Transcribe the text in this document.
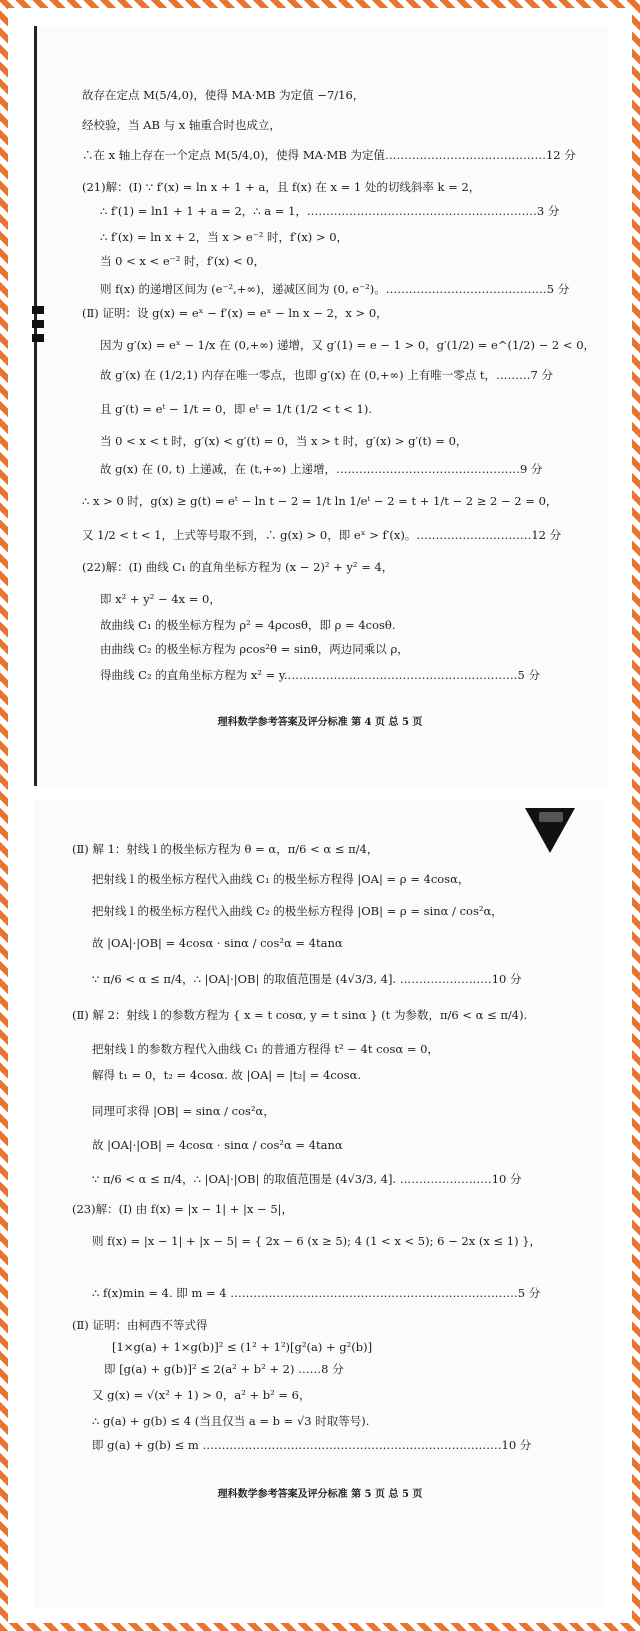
故存在定点 M(5/4,0)，使得 MA·MB 为定值 −7/16，
经校验，当 AB 与 x 轴重合时也成立，
∴在 x 轴上存在一个定点 M(5/4,0)，使得 MA·MB 为定值……………………………………12 分
(21)解：(Ⅰ) ∵ f′(x) = ln x + 1 + a，且 f(x) 在 x = 1 处的切线斜率 k = 2，
∴ f′(1) = ln1 + 1 + a = 2，∴ a = 1，……………………………………………………3 分
∴ f′(x) = ln x + 2，当 x > e⁻² 时，f′(x) > 0，
当 0 < x < e⁻² 时，f′(x) < 0，
则 f(x) 的递增区间为 (e⁻²,+∞)，递减区间为 (0, e⁻²)。……………………………………5 分
(Ⅱ) 证明：设 g(x) = eˣ − f′(x) = eˣ − ln x − 2，x > 0，
因为 g′(x) = eˣ − 1/x 在 (0,+∞) 递增，又 g′(1) = e − 1 > 0，g′(1/2) = e^(1/2) − 2 < 0，
故 g′(x) 在 (1/2,1) 内存在唯一零点，也即 g′(x) 在 (0,+∞) 上有唯一零点 t，………7 分
且 g′(t) = eᵗ − 1/t = 0，即 eᵗ = 1/t (1/2 < t < 1).
当 0 < x < t 时，g′(x) < g′(t) = 0，当 x > t 时，g′(x) > g′(t) = 0，
故 g(x) 在 (0, t) 上递减，在 (t,+∞) 上递增，…………………………………………9 分
∴ x > 0 时，g(x) ≥ g(t) = eᵗ − ln t − 2 = 1/t ln 1/eᵗ − 2 = t + 1/t − 2 ≥ 2 − 2 = 0，
又 1/2 < t < 1，上式等号取不到，∴ g(x) > 0，即 eˣ > f′(x)。…………………………12 分
(22)解：(Ⅰ) 曲线 C₁ 的直角坐标方程为 (x − 2)² + y² = 4，
即 x² + y² − 4x = 0，
故曲线 C₁ 的极坐标方程为 ρ² = 4ρcosθ，即 ρ = 4cosθ.
由曲线 C₂ 的极坐标方程为 ρcos²θ = sinθ，两边同乘以 ρ，
得曲线 C₂ 的直角坐标方程为 x² = y.……………………………………………………5 分
理科数学参考答案及评分标准 第 4 页 总 5 页
(Ⅱ) 解 1：射线 l 的极坐标方程为 θ = α，π/6 < α ≤ π/4，
把射线 l 的极坐标方程代入曲线 C₁ 的极坐标方程得 |OA| = ρ = 4cosα，
把射线 l 的极坐标方程代入曲线 C₂ 的极坐标方程得 |OB| = ρ = sinα / cos²α，
故 |OA|·|OB| = 4cosα · sinα / cos²α = 4tanα
∵ π/6 < α ≤ π/4，∴ |OA|·|OB| 的取值范围是 (4√3/3, 4]. ……………………10 分
(Ⅱ) 解 2：射线 l 的参数方程为 { x = t cosα, y = t sinα } (t 为参数，π/6 < α ≤ π/4).
把射线 l 的参数方程代入曲线 C₁ 的普通方程得 t² − 4t cosα = 0，
解得 t₁ = 0，t₂ = 4cosα. 故 |OA| = |t₂| = 4cosα.
同理可求得 |OB| = sinα / cos²α，
故 |OA|·|OB| = 4cosα · sinα / cos²α = 4tanα
∵ π/6 < α ≤ π/4，∴ |OA|·|OB| 的取值范围是 (4√3/3, 4]. ……………………10 分
(23)解：(Ⅰ) 由 f(x) = |x − 1| + |x − 5|，
则 f(x) = |x − 1| + |x − 5| = { 2x − 6 (x ≥ 5); 4 (1 < x < 5); 6 − 2x (x ≤ 1) }，
∴ f(x)min = 4. 即 m = 4 …………………………………………………………………5 分
(Ⅱ) 证明：由柯西不等式得
[1×g(a) + 1×g(b)]² ≤ (1² + 1²)[g²(a) + g²(b)]
即 [g(a) + g(b)]² ≤ 2(a² + b² + 2) ……8 分
又 g(x) = √(x² + 1) > 0，a² + b² = 6，
∴ g(a) + g(b) ≤ 4 (当且仅当 a = b = √3 时取等号).
即 g(a) + g(b) ≤ m ……………………………………………………………………10 分
理科数学参考答案及评分标准 第 5 页 总 5 页
